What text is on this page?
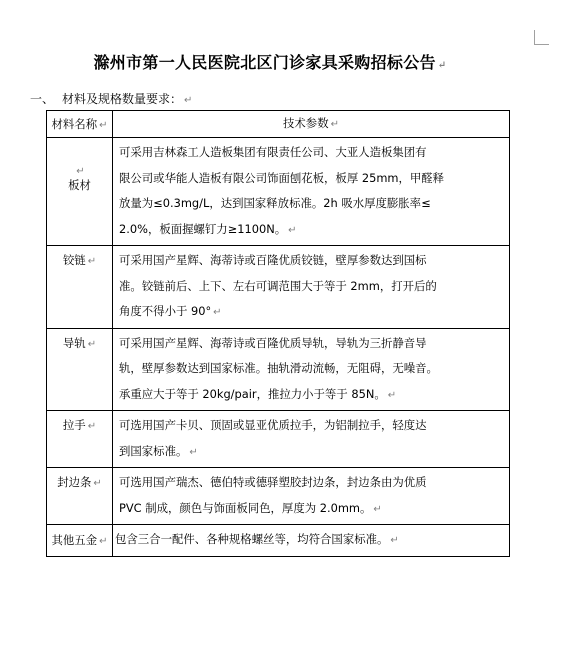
滁州市第一人民医院北区门诊家具采购招标公告 ↵
一、 材料及规格数量要求： ↵
材料名称 ↵	技术参数 ↵
↵
板材	可采用吉林森工人造板集团有限责任公司、大亚人造板集团有
限公司或华能人造板有限公司饰面刨花板，板厚 25mm，甲醛释
放量为≤0.3mg/L，达到国家释放标准。2h 吸水厚度膨胀率≤
2.0%，板面握螺钉力≥1100N。 ↵
铰链 ↵	可采用国产星辉、海蒂诗或百隆优质铰链，壁厚参数达到国标
准。铰链前后、上下、左右可调范围大于等于 2mm，打开后的
角度不得小于 90° ↵
导轨 ↵	可采用国产星辉、海蒂诗或百隆优质导轨，导轨为三折静音导
轨，壁厚参数达到国家标准。抽轨滑动流畅，无阻碍，无噪音。
承重应大于等于 20kg/pair，推拉力小于等于 85N。 ↵
拉手 ↵	可选用国产卡贝、顶固或显亚优质拉手，为铝制拉手，轻度达
到国家标准。 ↵
封边条 ↵	可选用国产瑞杰、德伯特或德驿塑胶封边条，封边条由为优质
PVC 制成，颜色与饰面板同色，厚度为 2.0mm。 ↵
其他五金 ↵	包含三合一配件、各种规格螺丝等，均符合国家标准。 ↵
